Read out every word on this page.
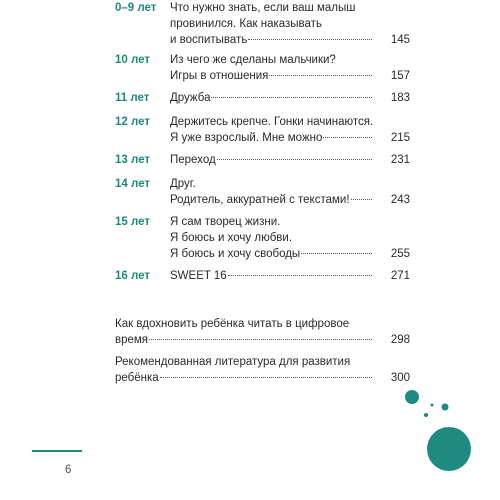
0–9 лет	Что нужно знать, если ваш малыш
провинился. Как наказывать
и воспитывать	145
10 лет	Из чего же сделаны мальчики?
Игры в отношения	157
11 лет	Дружба	183
12 лет	Держитесь крепче. Гонки начинаются.
Я уже взрослый. Мне можно	215
13 лет	Переход	231
14 лет	Друг.
Родитель, аккуратней с текстами!	243
15 лет	Я сам творец жизни.
Я боюсь и хочу любви.
Я боюсь и хочу свободы	255
16 лет	SWEET 16	271
Как вдохновить ребёнка читать в цифровое
время	298
Рекомендованная литература для развития
ребёнка	300
6
